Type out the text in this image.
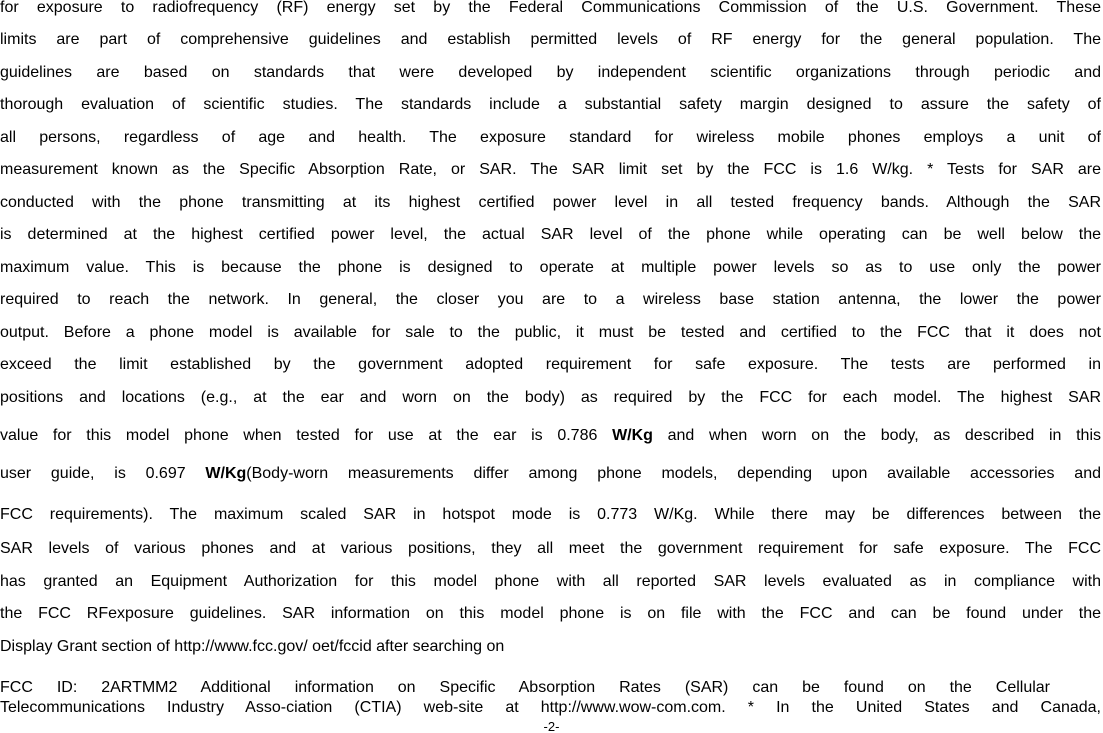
for exposure to radiofrequency (RF) energy set by the Federal Communications Commission of the U.S. Government. These
limits are part of comprehensive guidelines and establish permitted levels of RF energy for the general population. The
guidelines are based on standards that were developed by independent scientific organizations through periodic and
thorough evaluation of scientific studies. The standards include a substantial safety margin designed to assure the safety of
all persons, regardless of age and health. The exposure standard for wireless mobile phones employs a unit of
measurement known as the Specific Absorption Rate, or SAR. The SAR limit set by the FCC is 1.6 W/kg. * Tests for SAR are
conducted with the phone transmitting at its highest certified power level in all tested frequency bands. Although the SAR
is determined at the highest certified power level, the actual SAR level of the phone while operating can be well below the
maximum value. This is because the phone is designed to operate at multiple power levels so as to use only the power
required to reach the network. In general, the closer you are to a wireless base station antenna, the lower the power
output. Before a phone model is available for sale to the public, it must be tested and certified to the FCC that it does not
exceed the limit established by the government adopted requirement for safe exposure. The tests are performed in
positions and locations (e.g., at the ear and worn on the body) as required by the FCC for each model. The highest SAR
value for this model phone when tested for use at the ear is 0.786 W/Kg and when worn on the body, as described in this
user guide, is 0.697 W/Kg(Body-worn measurements differ among phone models, depending upon available accessories and
FCC requirements). The maximum scaled SAR in hotspot mode is 0.773 W/Kg. While there may be differences between the
SAR levels of various phones and at various positions, they all meet the government requirement for safe exposure. The FCC
has granted an Equipment Authorization for this model phone with all reported SAR levels evaluated as in compliance with
the FCC RFexposure guidelines. SAR information on this model phone is on file with the FCC and can be found under the
Display Grant section of http://www.fcc.gov/ oet/fccid after searching on
FCC ID: 2ARTMM2 Additional information on Specific Absorption Rates (SAR) can be found on the Cellular
Telecommunications Industry Asso-ciation (CTIA) web-site at http://www.wow-com.com. * In the United States and Canada,
-2-
